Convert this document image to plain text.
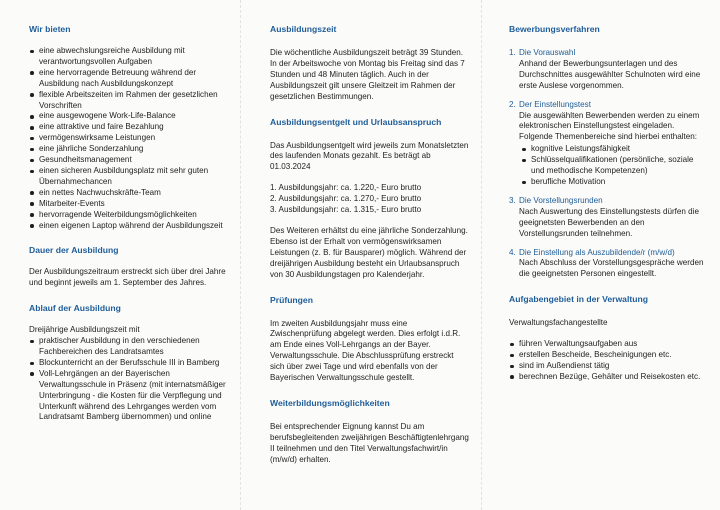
Wir bieten
eine abwechslungsreiche Ausbildung mit verantwortungsvollen Aufgaben
eine hervorragende Betreuung während der Ausbildung nach Ausbildungskonzept
flexible Arbeitszeiten im Rahmen der gesetzlichen Vorschriften
eine ausgewogene Work-Life-Balance
eine attraktive und faire Bezahlung
vermögenswirksame Leistungen
eine jährliche Sonderzahlung
Gesundheitsmanagement
einen sicheren Ausbildungsplatz mit sehr guten Übernahmechancen
ein nettes Nachwuchskräfte-Team
Mitarbeiter-Events
hervorragende Weiterbildungsmöglichkeiten
einen eigenen Laptop während der Ausbildungszeit
Dauer der Ausbildung

Der Ausbildungszeitraum erstreckt sich über drei Jahre und beginnt jeweils am 1. September des Jahres.

Ablauf der Ausbildung

Dreijährige Ausbildungszeit mit

praktischer Ausbildung in den verschiedenen Fachbereichen des Landratsamtes
Blockunterricht an der Berufsschule III in Bamberg
Voll-Lehrgängen an der Bayerischen Verwaltungsschule in Präsenz (mit internatsmäßiger Unterbringung - die Kosten für die Verpflegung und Unterkunft während des Lehrganges werden vom Landratsamt Bamberg übernommen) und online
Ausbildungszeit

Die wöchentliche Ausbildungszeit beträgt 39 Stunden. In der Arbeitswoche von Montag bis Freitag sind das 7 Stunden und 48 Minuten täglich. Auch in der Ausbildungszeit gilt unsere Gleitzeit im Rahmen der gesetzlichen Bestimmungen.

Ausbildungsentgelt und Urlaubsanspruch

Das Ausbildungsentgelt wird jeweils zum Monatsletzten des laufenden Monats gezahlt. Es beträgt ab 01.03.2024

1. Ausbildungsjahr: ca. 1.220,- Euro brutto

2. Ausbildungsjahr: ca. 1.270,- Euro brutto

3. Ausbildungsjahr: ca. 1.315,- Euro brutto

Des Weiteren erhältst du eine jährliche Sonderzahlung. Ebenso ist der Erhalt von vermögenswirksamen Leistungen (z. B. für Bausparer) möglich. Während der dreijährigen Ausbildung besteht ein Urlaubsanspruch von 30 Ausbildungstagen pro Kalenderjahr.

Prüfungen

Im zweiten Ausbildungsjahr muss eine Zwischenprüfung abgelegt werden. Dies erfolgt i.d.R. am Ende eines Voll-Lehrgangs an der Bayer. Verwaltungsschule. Die Abschlussprüfung erstreckt sich über zwei Tage und wird ebenfalls von der Bayerischen Verwaltungsschule gestellt.

Weiterbildungsmöglichkeiten

Bei entsprechender Eignung kannst Du am berufsbegleitenden zweijährigen Beschäftigtenlehrgang II teilnehmen und den Titel Verwaltungsfachwirt/in (m/w/d) erhalten.

Bewerbungsverfahren
1. Die Vorauswahl
Anhand der Bewerbungsunterlagen und des Durchschnittes ausgewählter Schulnoten wird eine erste Auslese vorgenommen.
2. Der Einstellungstest
Die ausgewählten Bewerbenden werden zu einem elektronischen Einstellungstest eingeladen. Folgende Themenbereiche sind hierbei enthalten:
kognitive Leistungsfähigkeit
Schlüsselqualifikationen (persönliche, soziale und methodische Kompetenzen)
berufliche Motivation
3. Die Vorstellungsrunden
Nach Auswertung des Einstellungstests dürfen die geeignetsten Bewerbenden an den Vorstellungsrunden teilnehmen.
4. Die Einstellung als Auszubildende/r (m/w/d)
Nach Abschluss der Vorstellungsgespräche werden die geeignetsten Personen eingestellt.
Aufgabengebiet in der Verwaltung

Verwaltungsfachangestellte

führen Verwaltungsaufgaben aus
erstellen Bescheide, Bescheinigungen etc.
sind im Außendienst tätig
berechnen Bezüge, Gehälter und Reisekosten etc.
